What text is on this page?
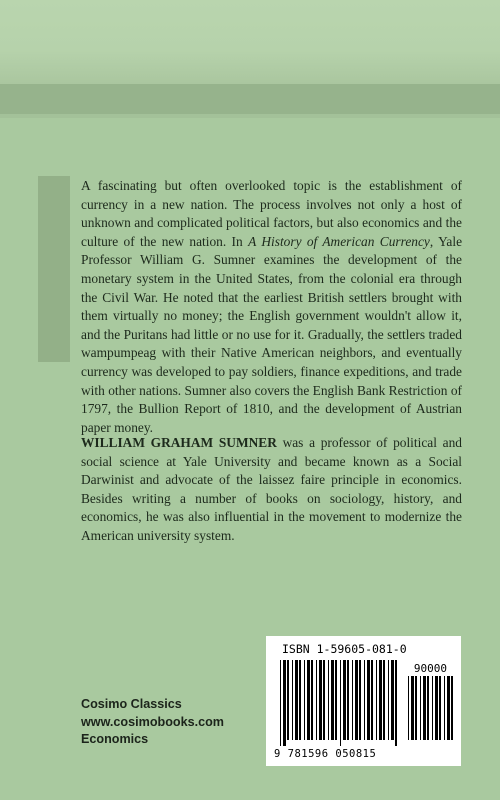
A fascinating but often overlooked topic is the establishment of currency in a new nation. The process involves not only a host of unknown and complicated political factors, but also economics and the culture of the new nation. In A History of American Currency, Yale Professor William G. Sumner examines the development of the monetary system in the United States, from the colonial era through the Civil War. He noted that the earliest British settlers brought with them virtually no money; the English government wouldn't allow it, and the Puritans had little or no use for it. Gradually, the settlers traded wampumpeag with their Native American neighbors, and eventually currency was developed to pay soldiers, finance expeditions, and trade with other nations. Sumner also covers the English Bank Restriction of 1797, the Bullion Report of 1810, and the development of Austrian paper money.

WILLIAM GRAHAM SUMNER was a professor of political and social science at Yale University and became known as a Social Darwinist and advocate of the laissez faire principle in economics. Besides writing a number of books on sociology, history, and economics, he was also influential in the movement to modernize the American university system.
Cosimo Classics
www.cosimobooks.com
Economics
ISBN 1-59605-081-0
90000
9 781596 050815
